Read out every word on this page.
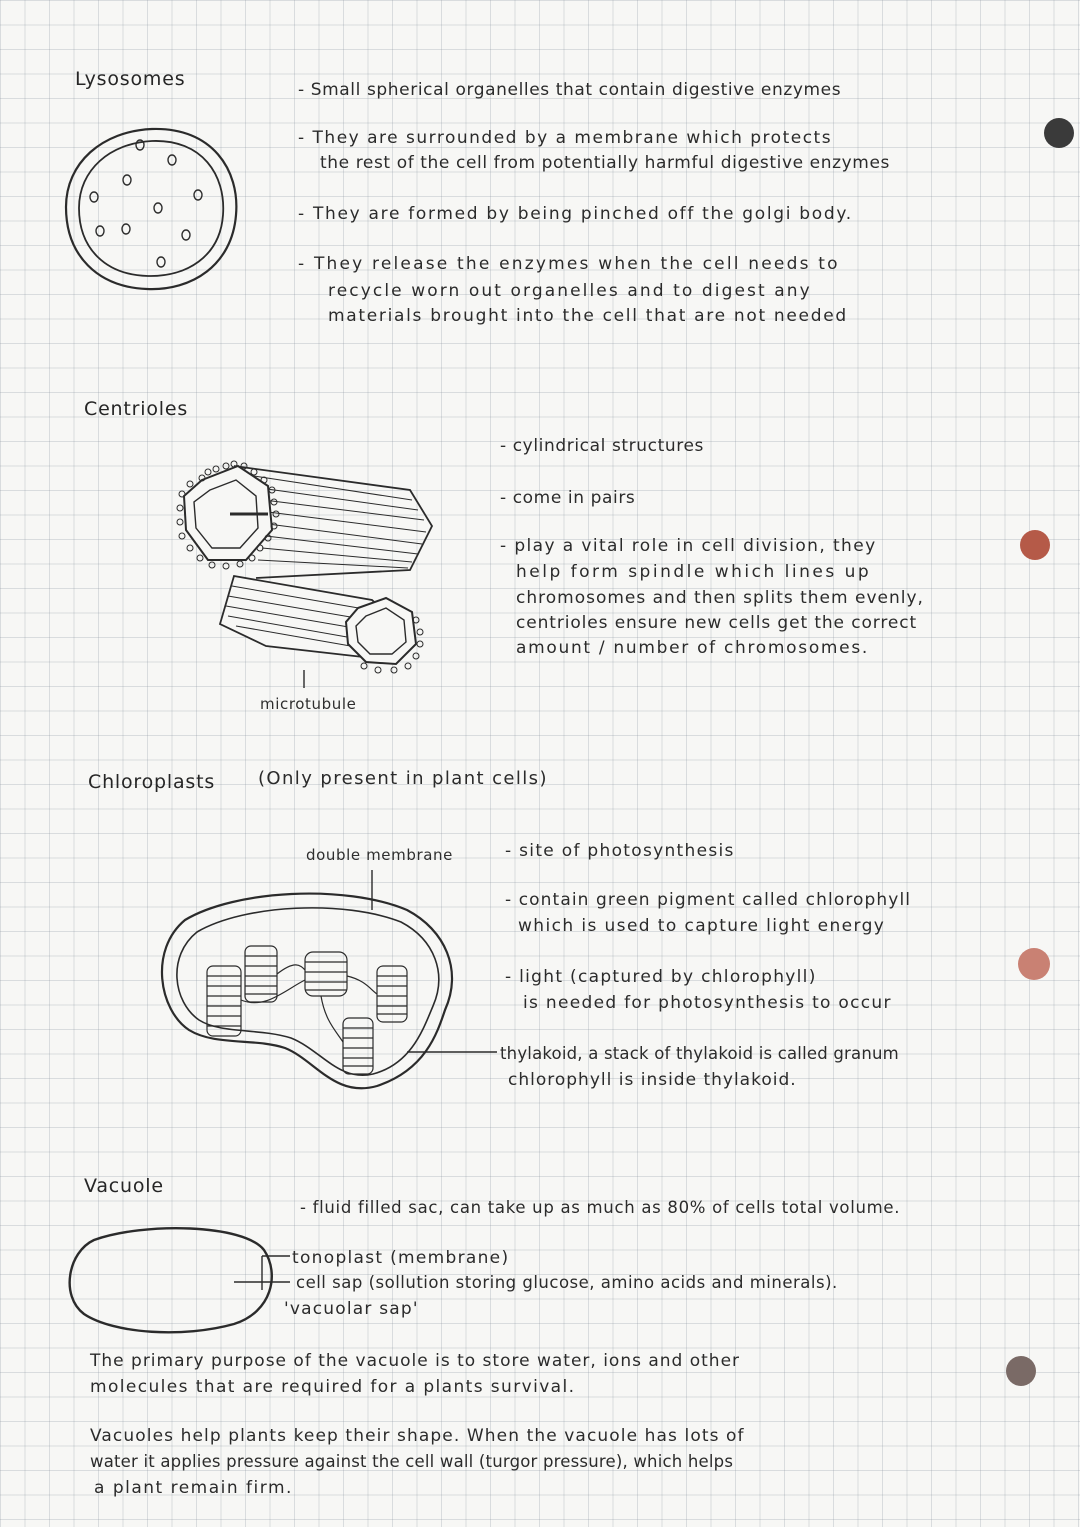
Lysosomes	- Small spherical organelles that contain digestive enzymes
- They are surrounded by a membrane which protects
the rest of the cell from potentially harmful digestive enzymes
- They are formed by being pinched off the golgi body.
- They release the enzymes when the cell needs to
recycle worn out organelles and to digest any
materials brought into the cell that are not needed
Centrioles
microtubule
- cylindrical structures
- come in pairs
- play a vital role in cell division, they
help form spindle which lines up
chromosomes and then splits them evenly,
centrioles ensure new cells get the correct
amount / number of chromosomes.
Chloroplasts (Only present in plant cells)
double membrane	- site of photosynthesis
- contain green pigment called chlorophyll
which is used to capture light energy
- light (captured by chlorophyll)
is needed for photosynthesis to occur
thylakoid, a stack of thylakoid is called granum
chlorophyll is inside thylakoid.
Vacuole
- fluid filled sac, can take up as much as 80% of cells total volume.
tonoplast (membrane)
cell sap (sollution storing glucose, amino acids and minerals).
'vacuolar sap'
The primary purpose of the vacuole is to store water, ions and other
molecules that are required for a plants survival.
Vacuoles help plants keep their shape. When the vacuole has lots of
water it applies pressure against the cell wall (turgor pressure), which helps
a plant remain firm.
